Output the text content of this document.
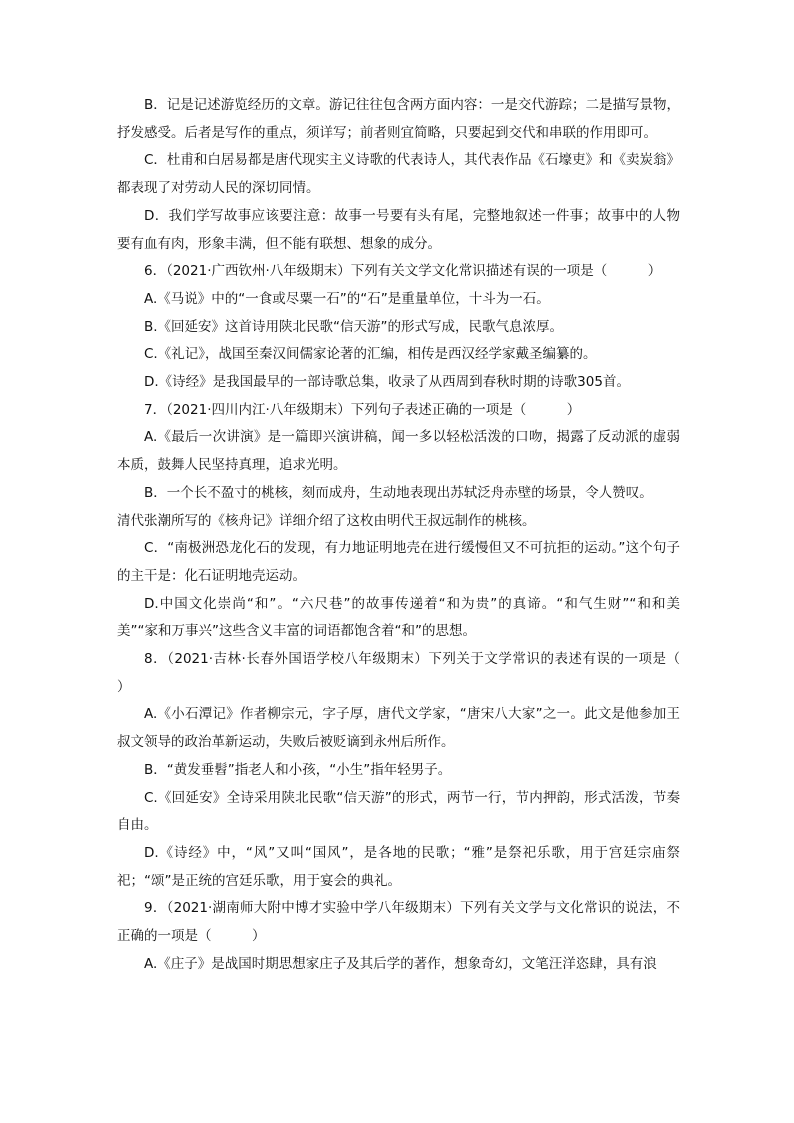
B．记是记述游览经历的文章。游记往往包含两方面内容：一是交代游踪；二是描写景物，抒发感受。后者是写作的重点，须详写；前者则宜简略，只要起到交代和串联的作用即可。

C．杜甫和白居易都是唐代现实主义诗歌的代表诗人，其代表作品《石壕吏》和《卖炭翁》都表现了对劳动人民的深切同情。

D．我们学写故事应该要注意：故事一号要有头有尾，完整地叙述一件事；故事中的人物要有血有肉，形象丰满，但不能有联想、想象的成分。

6．（2021·广西钦州·八年级期末）下列有关文学文化常识描述有误的一项是（　　　）

A.《马说》中的“一食或尽粟一石”的“石”是重量单位，十斗为一石。

B.《回延安》这首诗用陕北民歌“信天游”的形式写成，民歌气息浓厚。

C.《礼记》，战国至秦汉间儒家论著的汇编，相传是西汉经学家戴圣编纂的。

D.《诗经》是我国最早的一部诗歌总集，收录了从西周到春秋时期的诗歌305首。

7．（2021·四川内江·八年级期末）下列句子表述正确的一项是（　　　）

A.《最后一次讲演》是一篇即兴演讲稿，闻一多以轻松活泼的口吻，揭露了反动派的虚弱本质，鼓舞人民坚持真理，追求光明。

B．一个长不盈寸的桃核，刻而成舟，生动地表现出苏轼泛舟赤壁的场景，令人赞叹。

清代张潮所写的《核舟记》详细介绍了这枚由明代王叔远制作的桃核。

C．“南极洲恐龙化石的发现，有力地证明地壳在进行缓慢但又不可抗拒的运动。”这个句子的主干是：化石证明地壳运动。

D.中国文化崇尚“和”。“六尺巷”的故事传递着“和为贵”的真谛。“和气生财”“和和美美”“家和万事兴”这些含义丰富的词语都饱含着“和”的思想。

8．（2021·吉林·长春外国语学校八年级期末）下列关于文学常识的表述有误的一项是（　　　）

A.《小石潭记》作者柳宗元，字子厚，唐代文学家，“唐宋八大家”之一。此文是他参加王叔文领导的政治革新运动，失败后被贬谪到永州后所作。

B．“黄发垂髫”指老人和小孩，“小生”指年轻男子。

C.《回延安》全诗采用陕北民歌“信天游”的形式，两节一行，节内押韵，形式活泼，节奏自由。

D.《诗经》中，“风”又叫“国风”，是各地的民歌；“雅”是祭祀乐歌，用于宫廷宗庙祭祀；“颂”是正统的宫廷乐歌，用于宴会的典礼。

9．（2021·湖南师大附中博才实验中学八年级期末）下列有关文学与文化常识的说法，不正确的一项是（　　　）

A.《庄子》是战国时期思想家庄子及其后学的著作，想象奇幻，文笔汪洋恣肆，具有浪
